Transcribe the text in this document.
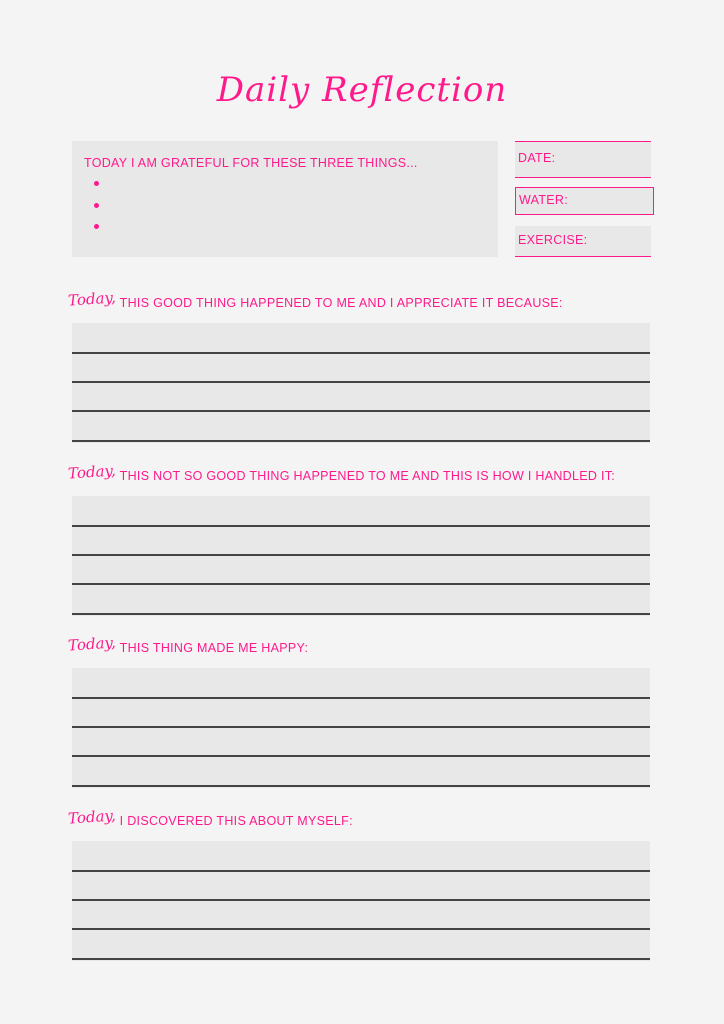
Daily Reflection
TODAY I AM GRATEFUL FOR THESE THREE THINGS...	DATE:
WATER:
EXERCISE:
Today, THIS GOOD THING HAPPENED TO ME AND I APPRECIATE IT BECAUSE:
Today, THIS NOT SO GOOD THING HAPPENED TO ME AND THIS IS HOW I HANDLED IT:
Today, THIS THING MADE ME HAPPY:
Today, I DISCOVERED THIS ABOUT MYSELF:
